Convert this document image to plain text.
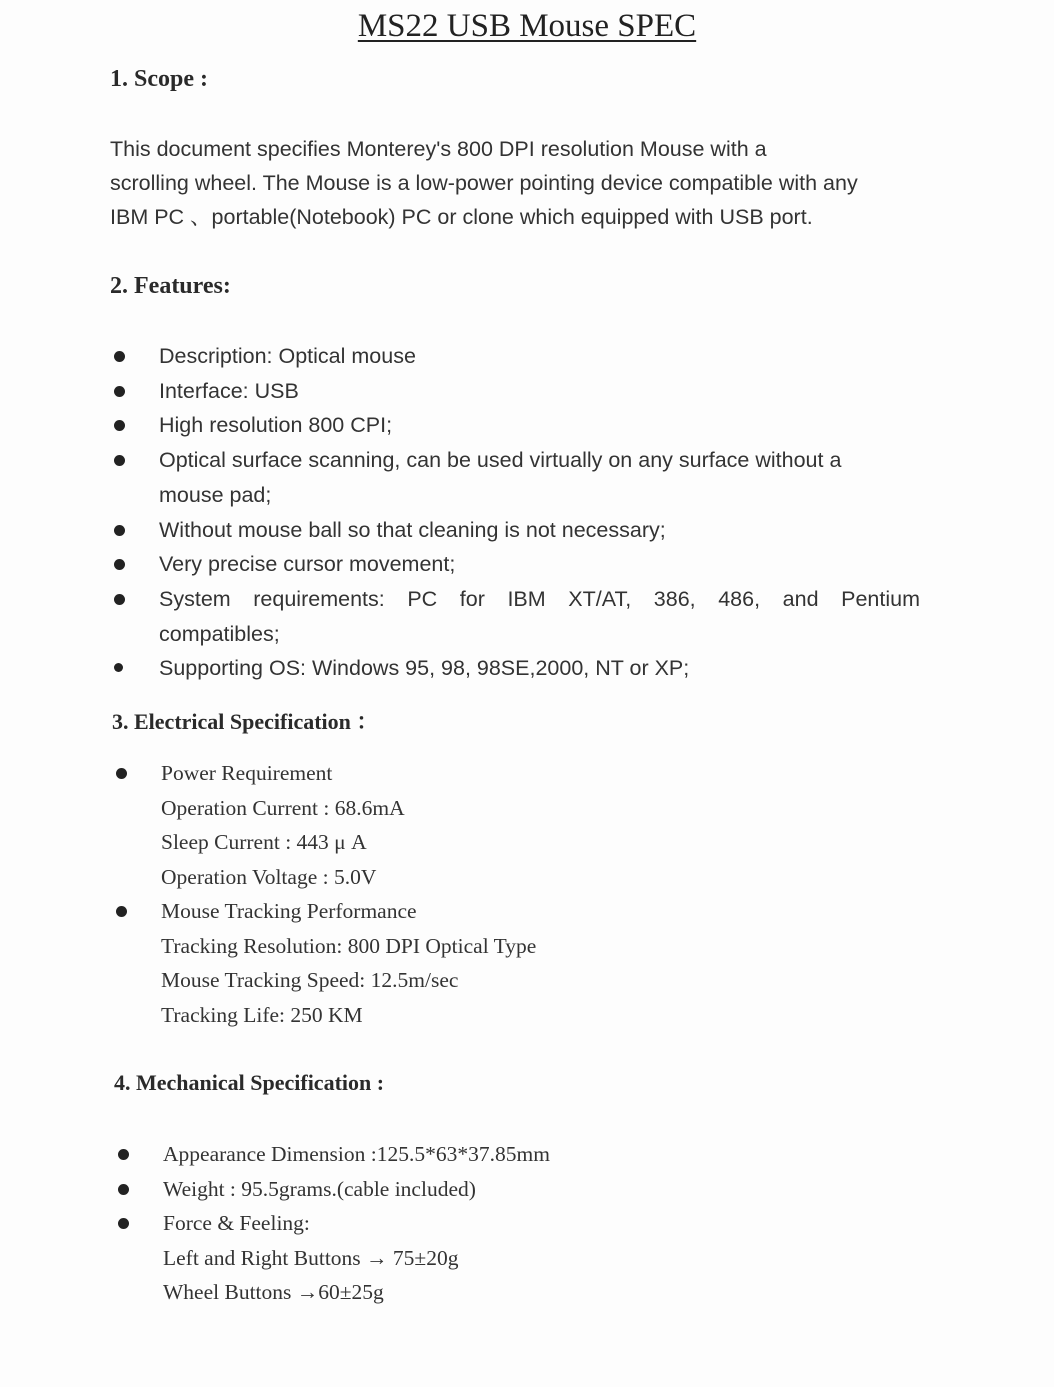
MS22 USB Mouse SPEC
1. Scope :
This document specifies Monterey's 800 DPI resolution Mouse with a
scrolling wheel. The Mouse is a low-power pointing device compatible with any
IBM PC 、portable(Notebook) PC or clone which equipped with USB port.
2. Features:
Description: Optical mouse
Interface: USB
High resolution 800 CPI;
Optical surface scanning, can be used virtually on any surface without a
mouse pad;
Without mouse ball so that cleaning is not necessary;
Very precise cursor movement;
System requirements: PC for IBM XT/AT, 386, 486, and Pentium
compatibles;
Supporting OS: Windows 95, 98, 98SE,2000, NT or XP;
3. Electrical Specification ：
Power Requirement
Operation Current : 68.6mA
Sleep Current : 443 μ A
Operation Voltage : 5.0V
Mouse Tracking Performance
Tracking Resolution: 800 DPI Optical Type
Mouse Tracking Speed: 12.5m/sec
Tracking Life: 250 KM
4. Mechanical Specification :
Appearance Dimension :125.5*63*37.85mm
Weight : 95.5grams.(cable included)
Force & Feeling:
Left and Right Buttons → 75±20g
Wheel Buttons →60±25g
